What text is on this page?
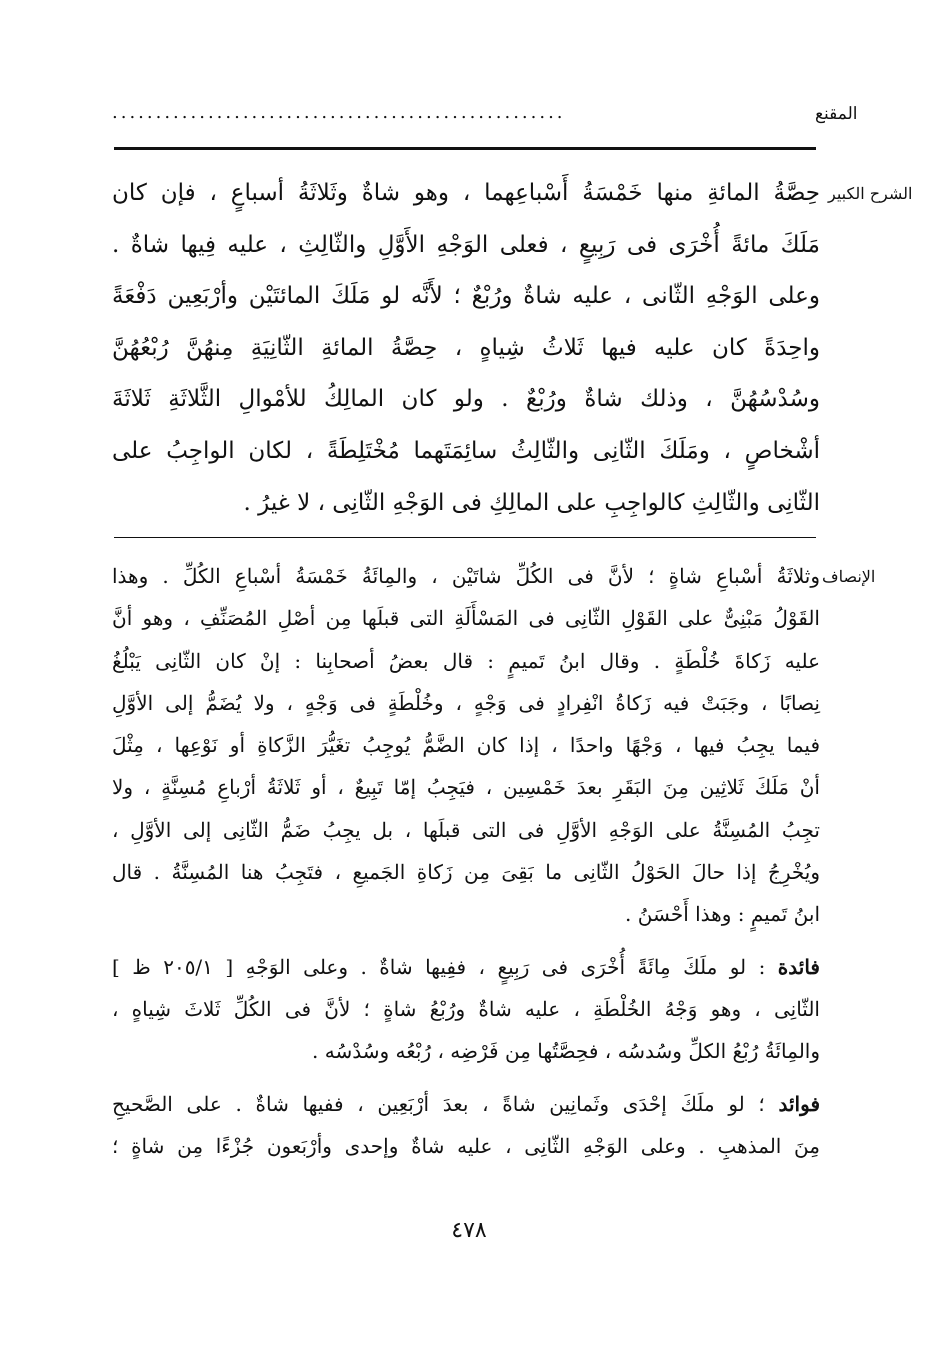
المقنع
....................................................
الشرح الكبير
حِصَّةُ المائةِ منها خَمْسَةُ أَسْباعِهما ، وهو شاةٌ وثَلاثَةُ أسباعٍ ، فإن كان
مَلَكَ مائةً أُخْرَى فى رَبِيعٍ ، فعلى الوَجْهِ الأَوَّلِ والثّالِثِ ، عليه فِيها شاةٌ .
وعلى الوَجْهِ الثّانى ، عليه شاةٌ ورُبْعٌ ؛ لأَنَّه لو مَلَكَ المائتَيْن وأرْبَعِين دَفْعَةً
واحِدَةً كان عليه فيها ثَلاثُ شِياهٍ ، حِصَّةُ المائةِ الثّانِيَةِ مِنهُنَّ رُبْعُهُنَّ
وسُدْسُهُنَّ ، وذلك شاةٌ ورُبْعٌ . ولو كان المالِكُ للأمْوالِ الثَّلاثَةِ ثَلاثَةَ
أشْخاصٍ ، ومَلَكَ الثّانِى والثّالِثُ سائِمَتَهما مُخْتَلِطَةً ، لكان الواجِبُ على
الثّانِى والثّالِثِ كالواجِبِ على المالِكِ فى الوَجْهِ الثّانِى ، لا غيرُ .
الإنصاف
وثلاثَةُ أسْباعِ شاةٍ ؛ لأنَّ فى الكُلِّ شاتَيْن ، والمِائَةُ خَمْسَةُ أسْباعِ الكُلِّ . وهذا
القَوْلُ مَبْنِىٌّ على القَوْلِ الثّانِى فى المَسْأَلَةِ التى قبلَها مِن أصْلِ المُصَنِّفِ ، وهو أنَّ
عليه زَكاةَ خُلْطَةٍ . وقال ابنُ تَميمٍ : قال بعضُ أصحابِنا : إنْ كان الثّانِى يَبْلُغُ
نِصابًا ، وجَبَتْ فيه زَكاةُ انْفِرادٍ فى وَجْهٍ ، وخُلْطَةٍ فى وَجْهٍ ، ولا يُضَمُّ إلى الأوَّلِ
فيما يجِبُ فيها ، وَجْهًا واحدًا ، إذا كان الضَّمُّ يُوجِبُ تغَيُّرَ الزَّكاةِ أو نَوْعِها ، مِثْلَ
أنْ مَلَكَ ثَلاثِين مِنَ البَقَرِ بعدَ خَمْسِين ، فيَجِبُ إمّا تَبِيعٌ ، أو ثَلاثَةُ أرْباعِ مُسِنَّةٍ ، ولا
تجِبُ المُسِنَّةُ على الوَجْهِ الأوَّلِ فى التى قبلَها ، بل يجِبُ ضَمُّ الثّانِى إلى الأوَّلِ ،
ويُخْرِجُ إذا حالَ الحَوْلُ الثّانِى ما بَقِىَ مِن زَكاةِ الجَميعِ ، فتَجِبُ هنا المُسِنَّةُ . قال
ابنُ تَميمٍ : وهذا أَحْسَنُ .
فائدة : لو ملَكَ مِائَةً أُخْرَى فى رَبِيعٍ ، ففِيها شاةٌ . وعلى الوَجْهِ [ ٢٠٥/١ ظ ]
الثّانِى ، وهو وَجْهُ الخُلْطَةِ ، عليه شاةٌ ورُبْعُ شاةٍ ؛ لأنَّ فى الكُلِّ ثَلاثَ شِياهٍ ،
والمِائَةُ رُبْعُ الكلِّ وسُدسُه ، فحِصَّتُها مِن فَرْضِه ، رُبْعُه وسُدْسُه .
فوائد ؛ لو ملَكَ إحْدَى وثَمانِين شاةً ، بعدَ أرْبَعِين ، ففيها شاةٌ . على الصَّحيحِ
مِنَ المذهبِ . وعلى الوَجْهِ الثّانِى ، عليه شاةٌ وإحدى وأرْبَعون جُزْءًا مِن شاةٍ ؛
٤٧٨
